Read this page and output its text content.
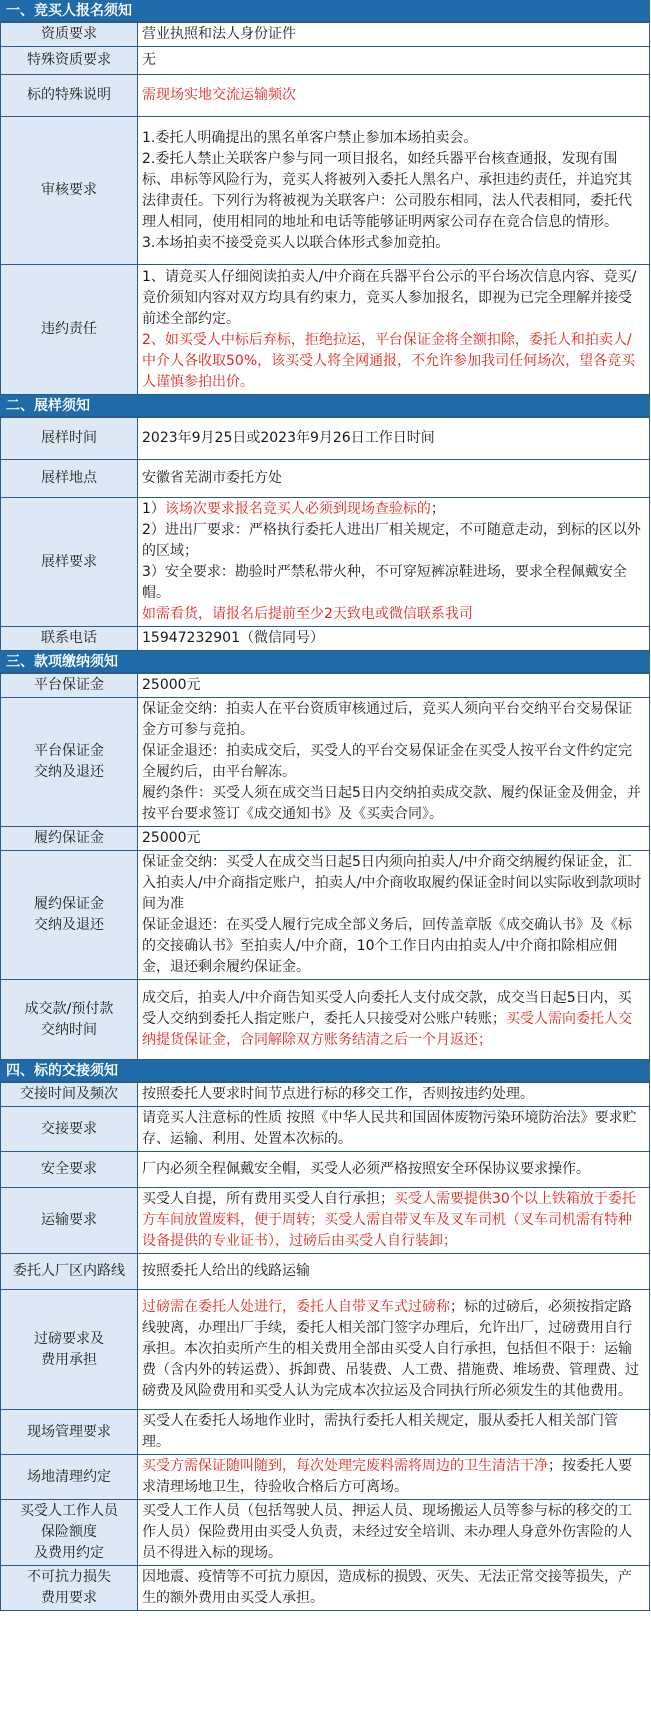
一、竞买人报名须知
资质要求	营业执照和法人身份证件

特殊资质要求	无

标的特殊说明	需现场实地交流运输频次

审核要求	1.委托人明确提出的黑名单客户禁止参加本场拍卖会。
2.委托人禁止关联客户参与同一项目报名，如经兵器平台核查通报，发现有围标、串标等风险行为，竞买人将被列入委托人黑名户、承担违约责任，并追究其法律责任。下列行为将被视为关联客户：公司股东相同，法人代表相同，委托代理人相同，使用相同的地址和电话等能够证明两家公司存在竞合信息的情形。
3.本场拍卖不接受竞买人以联合体形式参加竞拍。

违约责任	1、请竞买人仔细阅读拍卖人/中介商在兵器平台公示的平台场次信息内容、竞买/竞价须知内容对双方均具有约束力，竞买人参加报名，即视为已完全理解并接受前述全部约定。
2、如买受人中标后弃标，拒绝拉运，平台保证金将全额扣除，委托人和拍卖人/中介人各收取50%，该买受人将全网通报，不允许参加我司任何场次，望各竞买人谨慎参拍出价。
二、展样须知
展样时间	2023年9月25日或2023年9月26日工作日时间

展样地点	安徽省芜湖市委托方处

展样要求	1）该场次要求报名竞买人必须到现场查验标的；
2）进出厂要求：严格执行委托人进出厂相关规定，不可随意走动，到标的区以外的区域；
3）安全要求：勘验时严禁私带火种，不可穿短裤凉鞋进场，要求全程佩戴安全帽。
如需看货，请报名后提前至少2天致电或微信联系我司

联系电话	15947232901（微信同号）
三、款项缴纳须知
平台保证金	25000元

平台保证金
交纳及退还	保证金交纳：拍卖人在平台资质审核通过后，竞买人须向平台交纳平台交易保证金方可参与竞拍。
保证金退还：拍卖成交后，买受人的平台交易保证金在买受人按平台文件约定完全履约后，由平台解冻。
履约条件：买受人须在成交当日起5日内交纳拍卖成交款、履约保证金及佣金，并按平台要求签订《成交通知书》及《买卖合同》。

履约保证金	25000元

履约保证金
交纳及退还	保证金交纳：买受人在成交当日起5日内须向拍卖人/中介商交纳履约保证金，汇入拍卖人/中介商指定账户，拍卖人/中介商收取履约保证金时间以实际收到款项时间为准
保证金退还：在买受人履行完成全部义务后，回传盖章版《成交确认书》及《标的交接确认书》至拍卖人/中介商，10个工作日内由拍卖人/中介商扣除相应佣金，退还剩余履约保证金。

成交款/预付款
交纳时间	成交后，拍卖人/中介商告知买受人向委托人支付成交款，成交当日起5日内，买受人交纳到委托人指定账户，委托人只接受对公账户转账；买受人需向委托人交纳提货保证金，合同解除双方账务结清之后一个月返还；
四、标的交接须知
交接时间及频次	按照委托人要求时间节点进行标的移交工作，否则按违约处理。

交接要求	请竞买人注意标的性质 按照《中华人民共和国固体废物污染环境防治法》要求贮存、运输、利用、处置本次标的。

安全要求	厂内必须全程佩戴安全帽，买受人必须严格按照安全环保协议要求操作。

运输要求	买受人自提，所有费用买受人自行承担；买受人需要提供30个以上铁箱放于委托方车间放置废料，便于周转；买受人需自带叉车及叉车司机（叉车司机需有特种设备提供的专业证书），过磅后由买受人自行装卸；

委托人厂区内路线	按照委托人给出的线路运输

过磅要求及
费用承担	过磅需在委托人处进行，委托人自带叉车式过磅称；标的过磅后，必须按指定路线驶离，办理出厂手续，委托人相关部门签字办理后，允许出厂，过磅费用自行承担。本次拍卖所产生的相关费用全部由买受人自行承担，包括但不限于：运输费（含内外的转运费）、拆卸费、吊装费、人工费、措施费、堆场费、管理费、过磅费及风险费用和买受人认为完成本次拉运及合同执行所必须发生的其他费用。

现场管理要求	买受人在委托人场地作业时，需执行委托人相关规定，服从委托人相关部门管理。

场地清理约定	买受方需保证随叫随到，每次处理完废料需将周边的卫生清洁干净；按委托人要求清理场地卫生，待验收合格后方可离场。

买受人工作人员
保险额度
及费用约定	买受人工作人员（包括驾驶人员、押运人员、现场搬运人员等参与标的移交的工作人员）保险费用由买受人负责，未经过安全培训、未办理人身意外伤害险的人员不得进入标的现场。

不可抗力损失
费用要求	因地震、疫情等不可抗力原因，造成标的损毁、灭失、无法正常交接等损失，产生的额外费用由买受人承担。
